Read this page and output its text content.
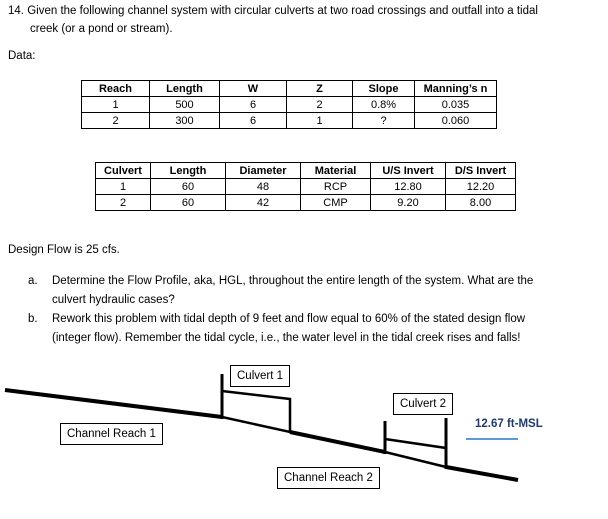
14. Given the following channel system with circular culverts at two road crossings and outfall into a tidal
creek (or a pond or stream).
Data:
Reach	Length	W	Z	Slope	Manning’s n
1	500	6	2	0.8%	0.035
2	300	6	1	?	0.060
Culvert	Length	Diameter	Material	U/S Invert	D/S Invert
1	60	48	RCP	12.80	12.20
2	60	42	CMP	9.20	8.00
Design Flow is 25 cfs.
a.	Determine the Flow Profile, aka, HGL, throughout the entire length of the system. What are the
culvert hydraulic cases?
b.	Rework this problem with tidal depth of 9 feet and flow equal to 60% of the stated design flow
(integer flow). Remember the tidal cycle, i.e., the water level in the tidal creek rises and falls!
Culvert 1
Culvert 2
Channel Reach 1
Channel Reach 2
12.67 ft-MSL
